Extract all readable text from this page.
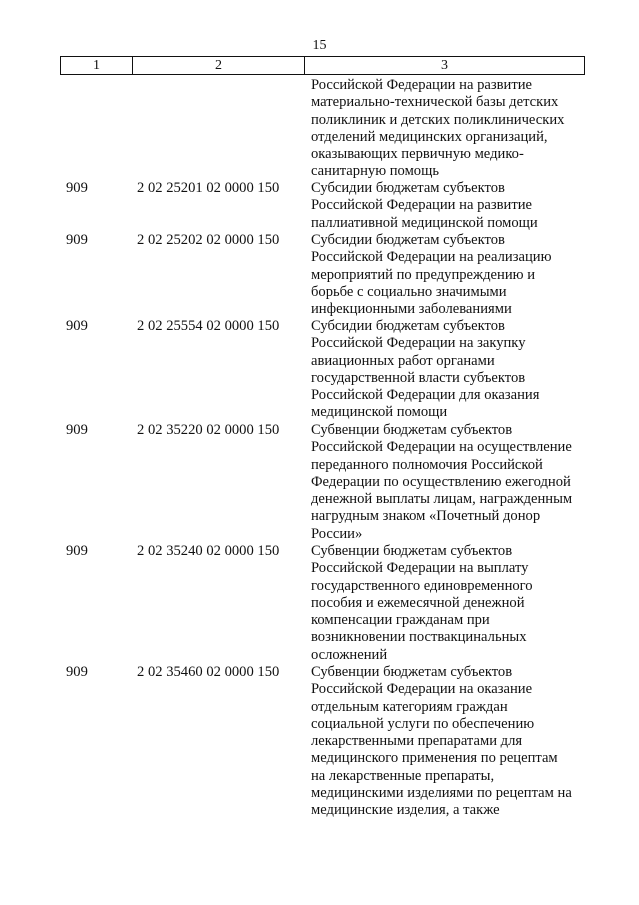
15
1	2	3
Российской Федерации на развитие
материально-технической базы детских
поликлиник и детских поликлинических
отделений медицинских организаций,
оказывающих первичную медико-
санитарную помощь
909	2 02 25201 02 0000 150 Субсидии бюджетам субъектов
Российской Федерации на развитие
паллиативной медицинской помощи
909	2 02 25202 02 0000 150 Субсидии бюджетам субъектов
Российской Федерации на реализацию
мероприятий по предупреждению и
борьбе с социально значимыми
инфекционными заболеваниями
909	2 02 25554 02 0000 150 Субсидии бюджетам субъектов
Российской Федерации на закупку
авиационных работ органами
государственной власти субъектов
Российской Федерации для оказания
медицинской помощи
909	2 02 35220 02 0000 150 Субвенции бюджетам субъектов
Российской Федерации на осуществление
переданного полномочия Российской
Федерации по осуществлению ежегодной
денежной выплаты лицам, награжденным
нагрудным знаком «Почетный донор
России»
909	2 02 35240 02 0000 150 Субвенции бюджетам субъектов
Российской Федерации на выплату
государственного единовременного
пособия и ежемесячной денежной
компенсации гражданам при
возникновении поствакцинальных
осложнений
909	2 02 35460 02 0000 150 Субвенции бюджетам субъектов
Российской Федерации на оказание
отдельным категориям граждан
социальной услуги по обеспечению
лекарственными препаратами для
медицинского применения по рецептам
на лекарственные препараты,
медицинскими изделиями по рецептам на
медицинские изделия, а также
